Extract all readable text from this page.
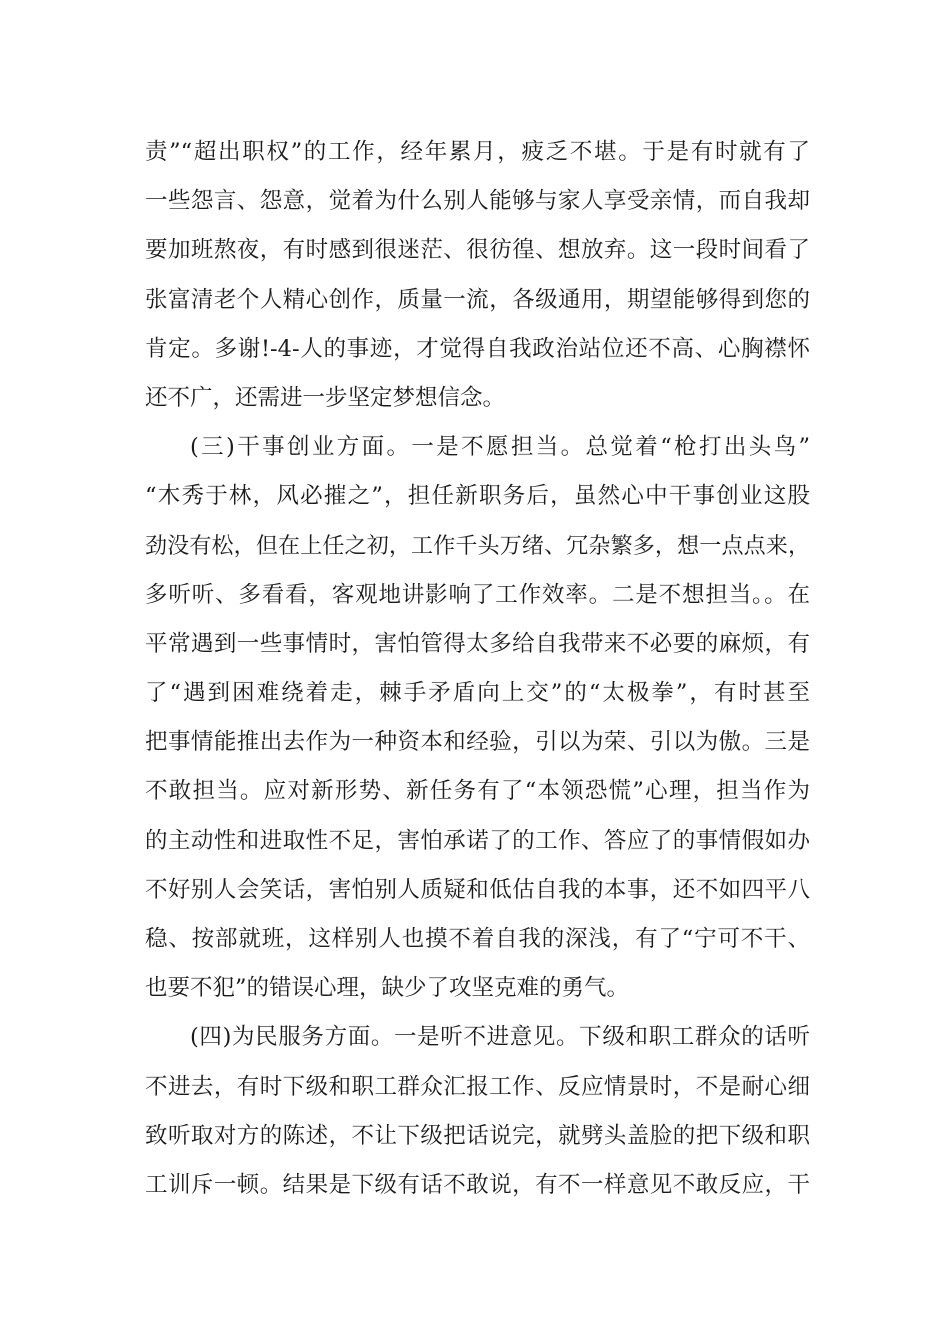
责”“超出职权”的工作，经年累月，疲乏不堪。于是有时就有了
一些怨言、怨意，觉着为什么别人能够与家人享受亲情，而自我却
要加班熬夜，有时感到很迷茫、很彷徨、想放弃。这一段时间看了
张富清老个人精心创作，质量一流，各级通用，期望能够得到您的
肯定。多谢!-4-人的事迹，才觉得自我政治站位还不高、心胸襟怀
还不广，还需进一步坚定梦想信念。
(三)干事创业方面。一是不愿担当。总觉着“枪打出头鸟”
“木秀于林，风必摧之”，担任新职务后，虽然心中干事创业这股
劲没有松，但在上任之初，工作千头万绪、冗杂繁多，想一点点来，
多听听、多看看，客观地讲影响了工作效率。二是不想担当。。在
平常遇到一些事情时，害怕管得太多给自我带来不必要的麻烦，有
了“遇到困难绕着走，棘手矛盾向上交”的“太极拳”，有时甚至
把事情能推出去作为一种资本和经验，引以为荣、引以为傲。三是
不敢担当。应对新形势、新任务有了“本领恐慌”心理，担当作为
的主动性和进取性不足，害怕承诺了的工作、答应了的事情假如办
不好别人会笑话，害怕别人质疑和低估自我的本事，还不如四平八
稳、按部就班，这样别人也摸不着自我的深浅，有了“宁可不干、
也要不犯”的错误心理，缺少了攻坚克难的勇气。
(四)为民服务方面。一是听不进意见。下级和职工群众的话听
不进去，有时下级和职工群众汇报工作、反应情景时，不是耐心细
致听取对方的陈述，不让下级把话说完，就劈头盖脸的把下级和职
工训斥一顿。结果是下级有话不敢说，有不一样意见不敢反应，干
